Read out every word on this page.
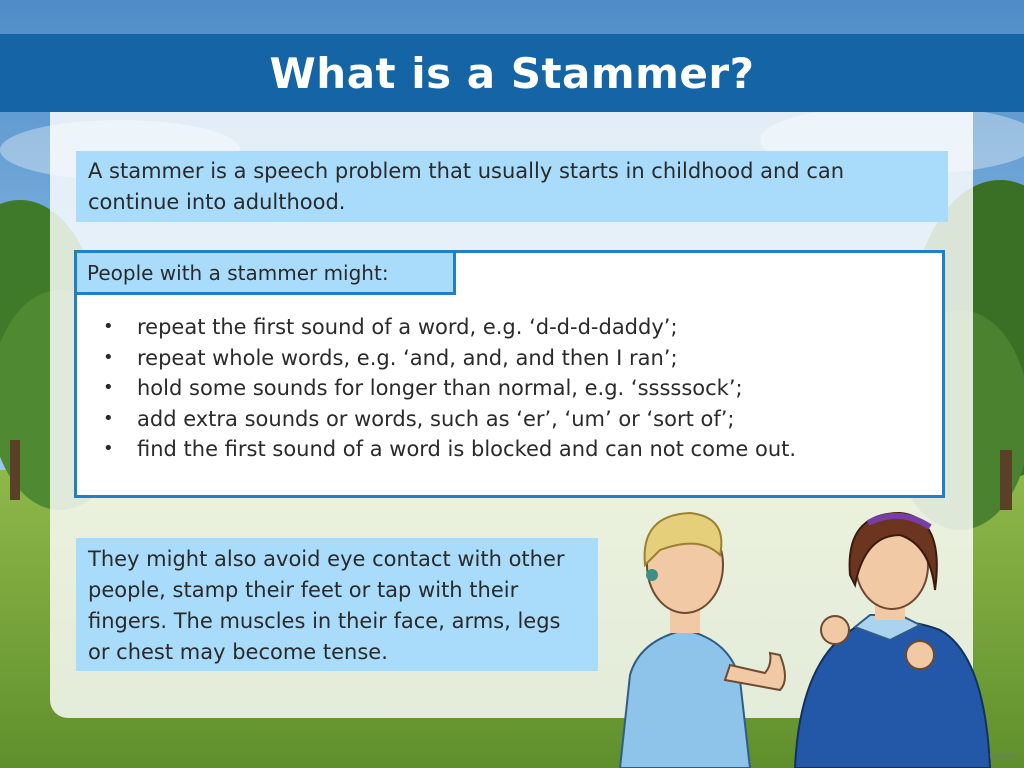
What is a Stammer?
A stammer is a speech problem that usually starts in childhood and can continue into adulthood.
People with a stammer might:
• repeat the first sound of a word, e.g. ‘d-d-d-daddy’;
• repeat whole words, e.g. ‘and, and, and then I ran’;
• hold some sounds for longer than normal, e.g. ‘sssssock’;
• add extra sounds or words, such as ‘er’, ‘um’ or ‘sort of’;
• find the first sound of a word is blocked and can not come out.
They might also avoid eye contact with other people, stamp their feet or tap with their fingers. The muscles in their face, arms, legs or chest may become tense.
twinkl
